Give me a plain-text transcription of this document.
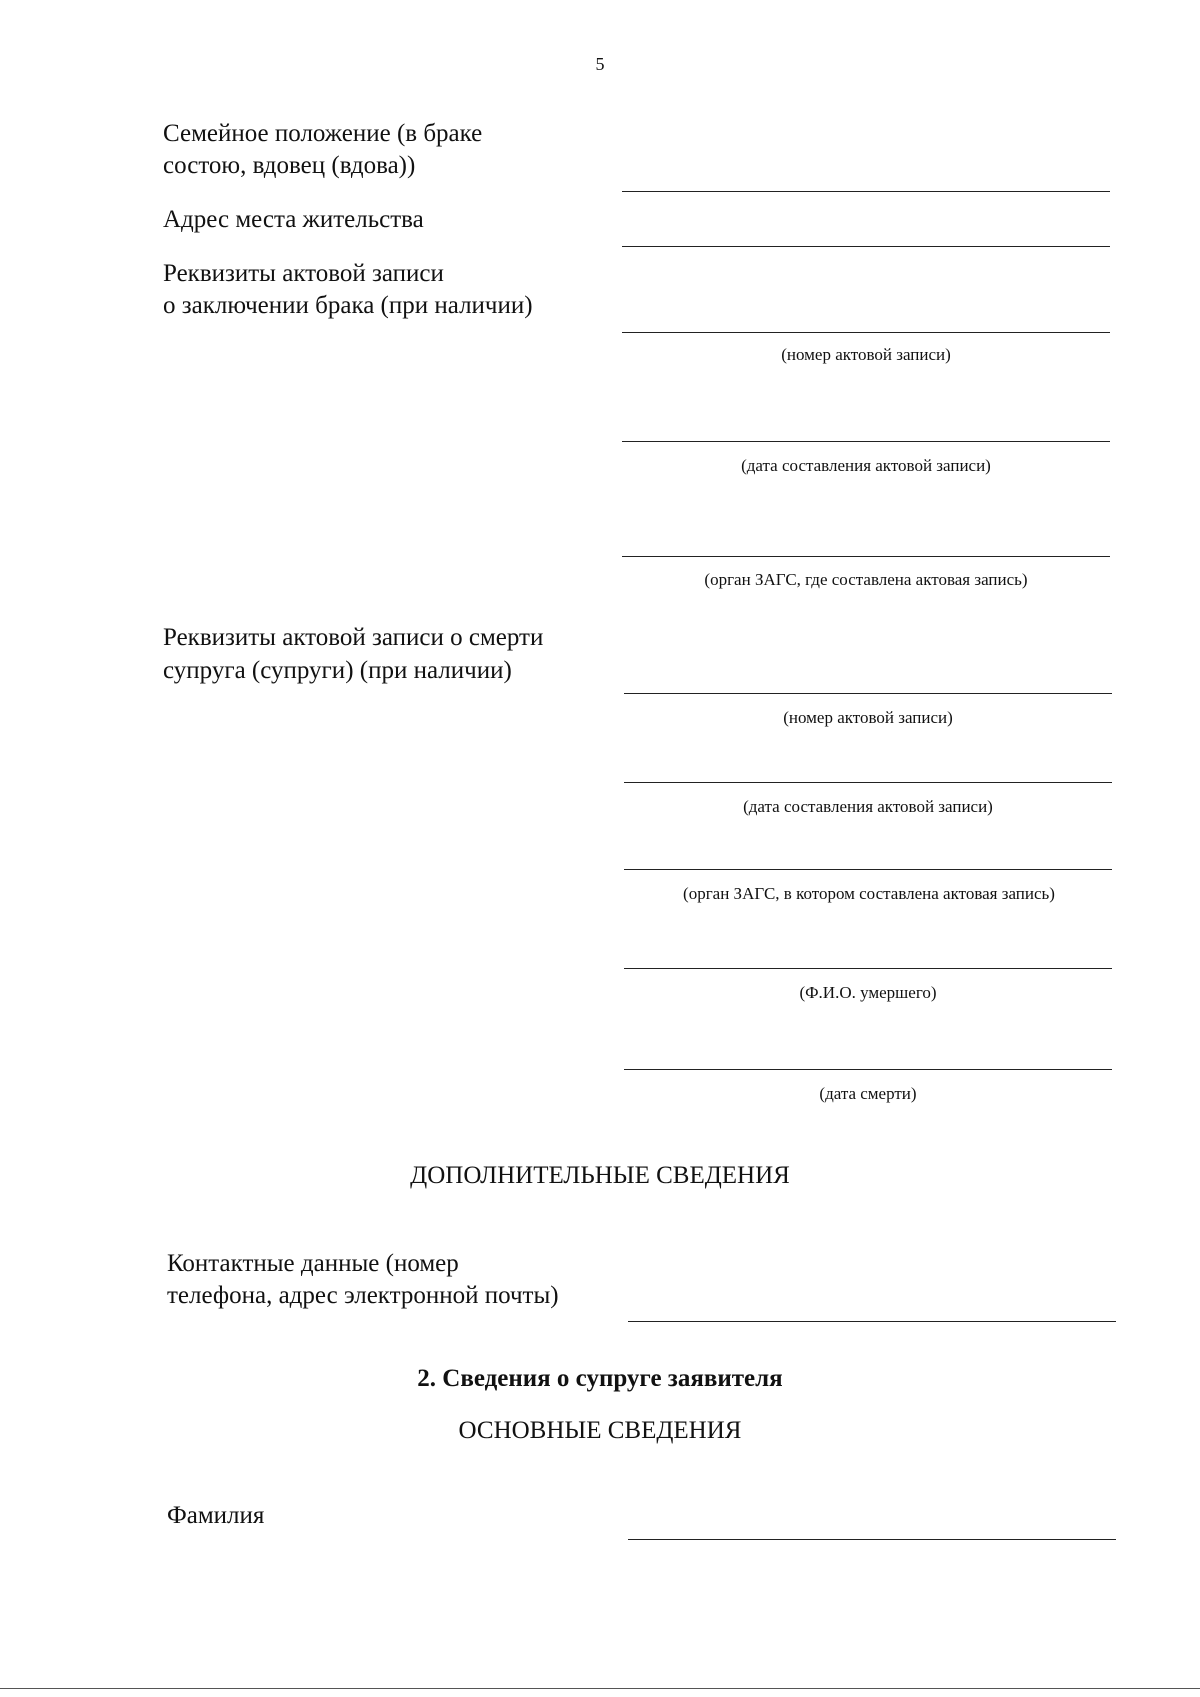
5
Семейное положение (в браке
состою, вдовец (вдова))
Адрес места жительства
Реквизиты актовой записи
о заключении брака (при наличии)
(номер актовой записи)
(дата составления актовой записи)
(орган ЗАГС, где составлена актовая запись)
Реквизиты актовой записи о смерти
супруга (супруги) (при наличии)
(номер актовой записи)
(дата составления актовой записи)
(орган ЗАГС, в котором составлена актовая запись)
(Ф.И.О. умершего)
(дата смерти)
ДОПОЛНИТЕЛЬНЫЕ СВЕДЕНИЯ
Контактные данные (номер
телефона, адрес электронной почты)
2. Сведения о супруге заявителя
ОСНОВНЫЕ СВЕДЕНИЯ
Фамилия
